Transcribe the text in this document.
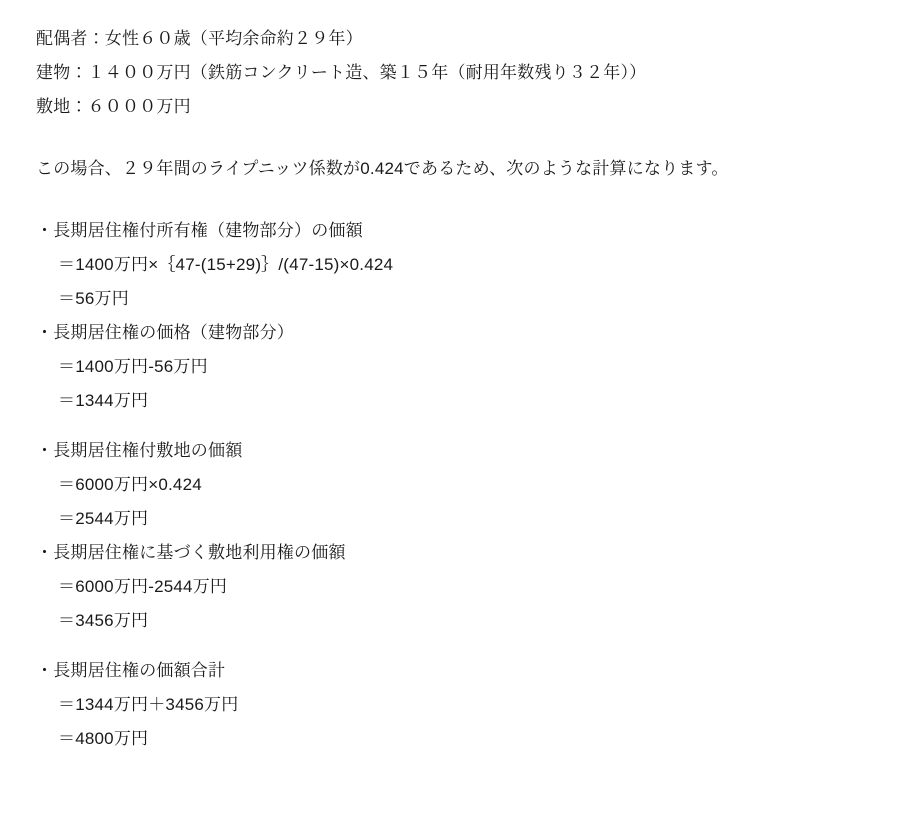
配偶者：女性６０歳（平均余命約２９年）
建物：１４００万円（鉄筋コンクリート造、築１５年（耐用年数残り３２年））
敷地：６０００万円
この場合、２９年間のライプニッツ係数が0.424であるため、次のような計算になります。
・長期居住権付所有権（建物部分）の価額
＝1400万円×｛47-(15+29)｝/(47-15)×0.424
＝56万円
・長期居住権の価格（建物部分）
＝1400万円-56万円
＝1344万円
・長期居住権付敷地の価額
＝6000万円×0.424
＝2544万円
・長期居住権に基づく敷地利用権の価額
＝6000万円-2544万円
＝3456万円
・長期居住権の価額合計
＝1344万円＋3456万円
＝4800万円
